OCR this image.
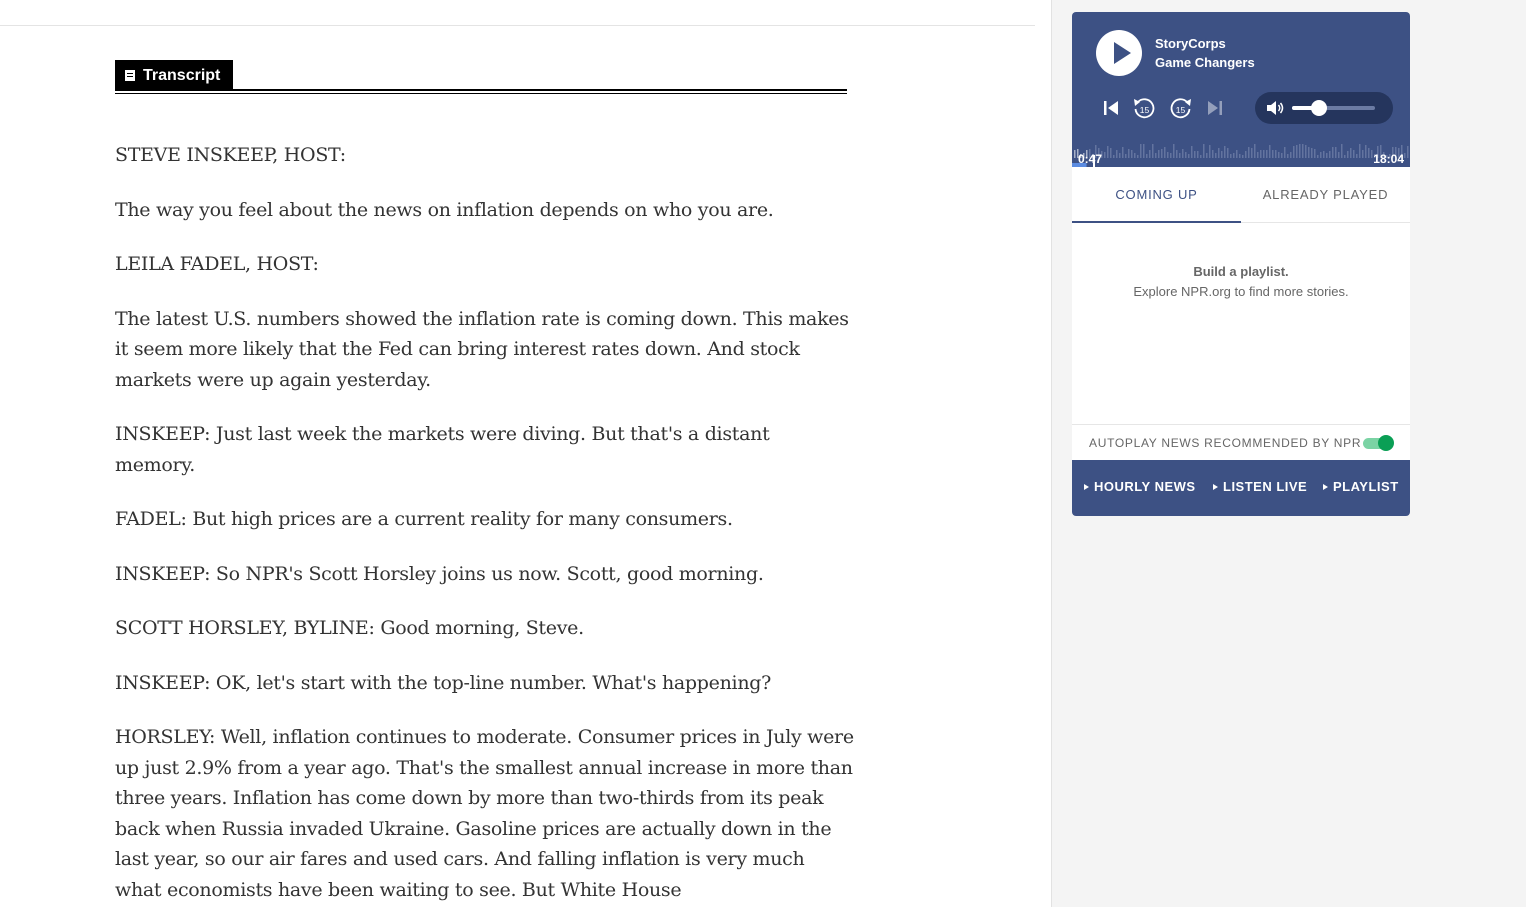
Transcript

STEVE INSKEEP, HOST:

The way you feel about the news on inflation depends on who you are.

LEILA FADEL, HOST:

The latest U.S. numbers showed the inflation rate is coming down. This makes it seem more likely that the Fed can bring interest rates down. And stock markets were up again yesterday.

INSKEEP: Just last week the markets were diving. But that's a distant memory.

FADEL: But high prices are a current reality for many consumers.

INSKEEP: So NPR's Scott Horsley joins us now. Scott, good morning.

SCOTT HORSLEY, BYLINE: Good morning, Steve.

INSKEEP: OK, let's start with the top-line number. What's happening?

HORSLEY: Well, inflation continues to moderate. Consumer prices in July were up just 2.9% from a year ago. That's the smallest annual increase in more than three years. Inflation has come down by more than two-thirds from its peak back when Russia invaded Ukraine. Gasoline prices are actually down in the last year, so our air fares and used cars. And falling inflation is very much what economists have been waiting to see. But White House

StoryCorps
Game Changers
15	15
0:47	18:04
COMING UP	ALREADY PLAYED
Build a playlist.
Explore NPR.org to find more stories.
AUTOPLAY NEWS RECOMMENDED BY NPR
HOURLY NEWS	LISTEN LIVE	PLAYLIST
